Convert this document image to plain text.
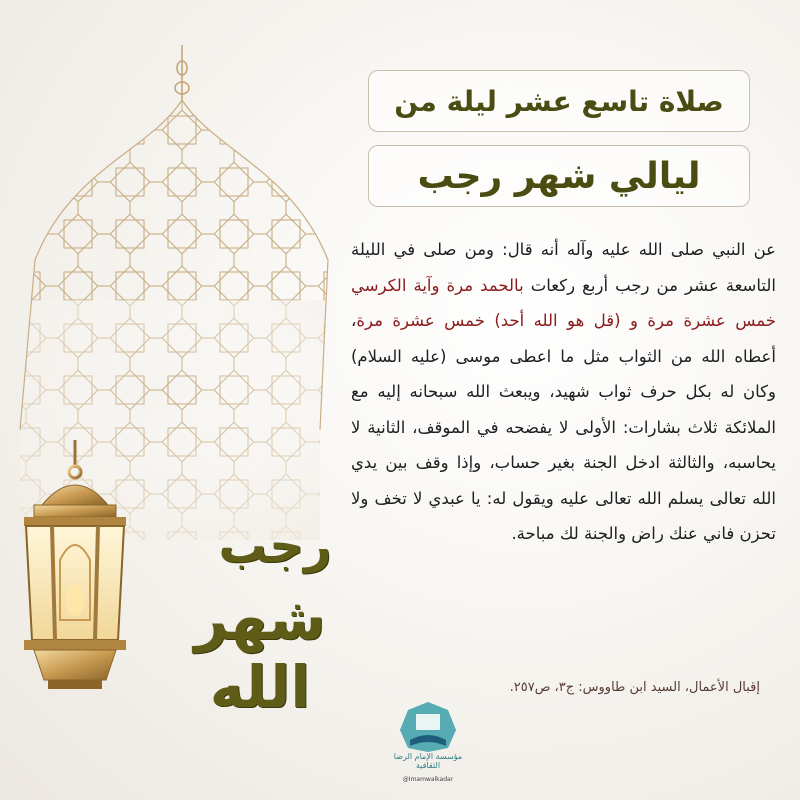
صلاة تاسع عشر ليلة من
ليالي شهر رجب
عن النبي صلى الله عليه وآله أنه قال: ومن صلى في الليلة التاسعة عشر من رجب أربع ركعات بالحمد مرة وآية الكرسي خمس عشرة مرة و (قل هو الله أحد) خمس عشرة مرة، أعطاه الله من الثواب مثل ما اعطى موسى (عليه السلام) وكان له بكل حرف ثواب شهيد، ويبعث الله سبحانه إليه مع الملائكة ثلاث بشارات: الأولى لا يفضحه في الموقف، الثانية لا يحاسبه، والثالثة ادخل الجنة بغير حساب، وإذا وقف بين يدي الله تعالى يسلم الله تعالى عليه ويقول له: يا عبدي لا تخف ولا تحزن فاني عنك راض والجنة لك مباحة.
إقبال الأعمال، السيد ابن طاووس: ج٣، ص٢٥٧.
رجب
شهر الله
مؤسسة الإمام الرضا الثقافية
@Imamwalkadar
